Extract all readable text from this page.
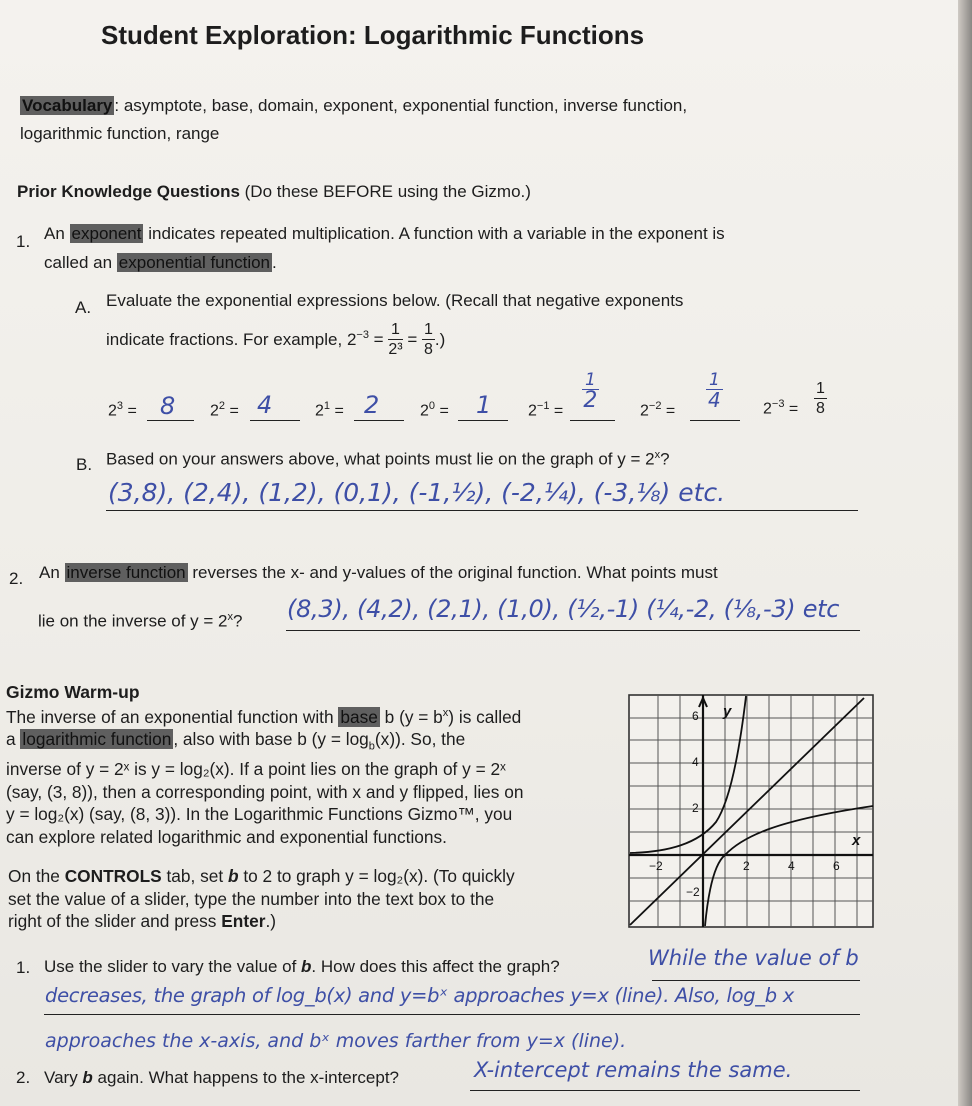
Student Exploration: Logarithmic Functions
Vocabulary : asymptote, base, domain, exponent, exponential function, inverse function,
logarithmic function, range
Prior Knowledge Questions (Do these BEFORE using the Gizmo.)
1. An exponent indicates repeated multiplication. A function with a variable in the exponent is
called an exponential function .
A. Evaluate the exponential expressions below. (Recall that negative exponents
indicate fractions. For example, $2^{-3} = \frac{1}{\text{2³}} = \frac{1}{8}$ .)
$2^3 = 8$ $2^2 = 4$	$2^1 = 2$	$2^0 = 1$ $2^{-1}$ =
1
2	$2^{-2}$ =
1
4	$2^{-3} = \frac{1}{8}$
B. Based on your answers above, what points must lie on the graph of $y = 2^x$?
(3,8), (2,4), (1,2), (0,1), (-1,½), (-2,¼), (-3,⅛) etc.
2. An inverse function reverses the x- and y-values of the original function. What points must
lie on the inverse of $y = 2^x$? (8,3), (4,2), (2,1), (1,0), (½,-1) (¼,-2, (⅛,-3) etc
Gizmo Warm-up
The inverse of an exponential function with base b $(y = b^x)$ is called
a logarithmic function , also with base b $(y = \log_b(x))$. So, the
inverse of y = 2ˣ is y = log₂(x). If a point lies on the graph of y = 2ˣ
(say, (3, 8)), then a corresponding point, with x and y flipped, lies on
y = log₂(x) (say, (8, 3)). In the Logarithmic Functions Gizmo™, you
can explore related logarithmic and exponential functions.
On the CONTROLS tab, set b to 2 to graph y = log₂(x). (To quickly
set the value of a slider, type the number into the text box to the
right of the slider and press Enter.)
6
4
2
−2
−2	2	4	6
y
x
1. Use the slider to vary the value of b. How does this affect the graph?	While the value of b
decreases, the graph of log_b(x) and y=bˣ approaches y=x (line). Also, log_b x
approaches the x-axis, and bˣ moves farther from y=x (line).
2. Vary b again. What happens to the x-intercept?	X-intercept remains the same.
